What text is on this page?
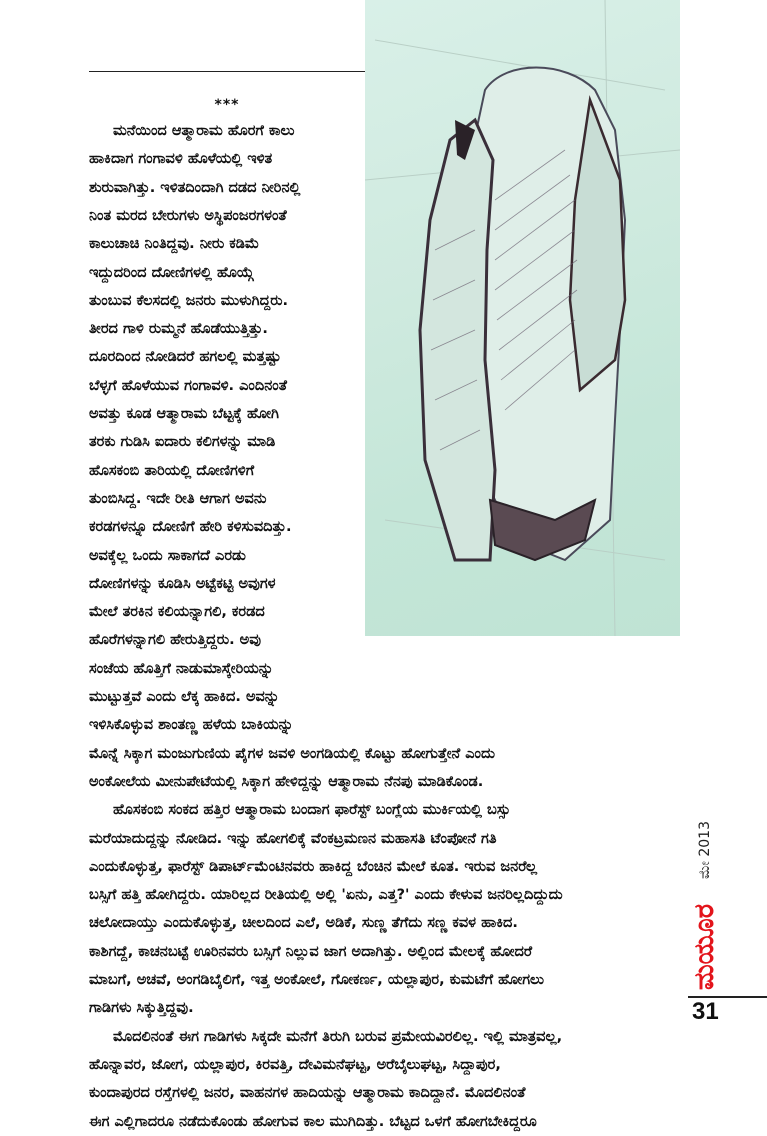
***
ಮನೆಯಿಂದ ಆತ್ಮಾರಾಮ ಹೊರಗೆ ಕಾಲು
ಹಾಕಿದಾಗ ಗಂಗಾವಳಿ ಹೊಳೆಯಲ್ಲಿ ಇಳಿತ
ಶುರುವಾಗಿತ್ತು. ಇಳಿತದಿಂದಾಗಿ ದಡದ ನೀರಿನಲ್ಲಿ
ನಿಂತ ಮರದ ಬೇರುಗಳು ಅಸ್ಥಿಪಂಜರಗಳಂತೆ
ಕಾಲುಚಾಚಿ ನಿಂತಿದ್ದವು. ನೀರು ಕಡಿಮೆ
ಇದ್ದುದರಿಂದ ದೋಣಿಗಳಲ್ಲಿ ಹೊಯ್ಗೆ
ತುಂಬುವ ಕೆಲಸದಲ್ಲಿ ಜನರು ಮುಳುಗಿದ್ದರು.
ತೀರದ ಗಾಳಿ ರುಮ್ಮನೆ ಹೊಡೆಯುತ್ತಿತ್ತು.
ದೂರದಿಂದ ನೋಡಿದರೆ ಹಗಲಲ್ಲಿ ಮತ್ತಷ್ಟು
ಬೆಳ್ಳಗೆ ಹೊಳೆಯುವ ಗಂಗಾವಳಿ. ಎಂದಿನಂತೆ
ಅವತ್ತು ಕೂಡ ಆತ್ಮಾರಾಮ ಬೆಟ್ಟಕ್ಕೆ ಹೋಗಿ
ತರಕು ಗುಡಿಸಿ ಐದಾರು ಕಲಿಗಳನ್ನು ಮಾಡಿ
ಹೊಸಕಂಬಿ ತಾರಿಯಲ್ಲಿ ದೋಣಿಗಳಿಗೆ
ತುಂಬಿಸಿದ್ದ. ಇದೇ ರೀತಿ ಆಗಾಗ ಅವನು
ಕರಡಗಳನ್ನೂ ದೋಣಿಗೆ ಹೇರಿ ಕಳಿಸುವದಿತ್ತು.
ಅವಕ್ಕೆಲ್ಲ ಒಂದು ಸಾಕಾಗದೆ ಎರಡು
ದೋಣಿಗಳನ್ನು ಕೂಡಿಸಿ ಅಟ್ಟೆಕಟ್ಟಿ ಅವುಗಳ
ಮೇಲೆ ತರಕಿನ ಕಲಿಯನ್ನಾಗಲಿ, ಕರಡದ
ಹೊರೆಗಳನ್ನಾಗಲಿ ಹೇರುತ್ತಿದ್ದರು. ಅವು
ಸಂಜೆಯ ಹೊತ್ತಿಗೆ ನಾಡುಮಾಸ್ಕೇರಿಯನ್ನು
ಮುಟ್ಟುತ್ತವೆ ಎಂದು ಲೆಕ್ಕ ಹಾಕಿದ. ಅವನ್ನು
ಇಳಿಸಿಕೊಳ್ಳುವ ಶಾಂತಣ್ಣ ಹಳೆಯ ಬಾಕಿಯನ್ನು
ಮೊನ್ನೆ ಸಿಕ್ಕಾಗ ಮಂಜುಗುಣಿಯ ಪೈಗಳ ಜವಳಿ ಅಂಗಡಿಯಲ್ಲಿ ಕೊಟ್ಟು ಹೋಗುತ್ತೇನೆ ಎಂದು
ಅಂಕೋಲೆಯ ಮೀನುಪೇಟೆಯಲ್ಲಿ ಸಿಕ್ಕಾಗ ಹೇಳಿದ್ದನ್ನು ಆತ್ಮಾರಾಮ ನೆನಪು ಮಾಡಿಕೊಂಡ.
ಹೊಸಕಂಬಿ ಸಂಕದ ಹತ್ತಿರ ಆತ್ಮಾರಾಮ ಬಂದಾಗ ಫಾರೆಸ್ಟ್ ಬಂಗ್ಲೆಯ ಮುರ್ಕಿಯಲ್ಲಿ ಬಸ್ಸು
ಮರೆಯಾದುದ್ದನ್ನು ನೋಡಿದ. ಇನ್ನು ಹೋಗಲಿಕ್ಕೆ ವೆಂಕಟ್ರಮಣನ ಮಹಾಸತಿ ಟೆಂಪೋನೆ ಗತಿ
ಎಂದುಕೊಳ್ಳುತ್ತ, ಫಾರೆಸ್ಟ್ ಡಿಪಾರ್ಟ್‌ಮೆಂಟಿನವರು ಹಾಕಿದ್ದ ಬೆಂಚಿನ ಮೇಲೆ ಕೂತ. ಇರುವ ಜನರೆಲ್ಲ
ಬಸ್ಸಿಗೆ ಹತ್ತಿ ಹೋಗಿದ್ದರು. ಯಾರಿಲ್ಲದ ರೀತಿಯಲ್ಲಿ ಅಲ್ಲಿ 'ಏನು, ಎತ್ತ?' ಎಂದು ಕೇಳುವ ಜನರಿಲ್ಲದಿದ್ದುದು
ಚಲೋದಾಯ್ತು ಎಂದುಕೊಳ್ಳುತ್ತ, ಚೀಲದಿಂದ ಎಲೆ, ಅಡಿಕೆ, ಸುಣ್ಣ ತೆಗೆದು ಸಣ್ಣ ಕವಳ ಹಾಕಿದ.
ಕಾಶಿಗದ್ದೆ, ಕಾಚನಬಟ್ಟೆ ಊರಿನವರು ಬಸ್ಸಿಗೆ ನಿಲ್ಲುವ ಜಾಗ ಅದಾಗಿತ್ತು. ಅಲ್ಲಿಂದ ಮೇಲಕ್ಕೆ ಹೋದರೆ
ಮಾಬಗೆ, ಅಚವೆ, ಅಂಗಡಿಬೈಲಿಗೆ, ಇತ್ತ ಅಂಕೋಲೆ, ಗೋಕರ್ಣ, ಯಲ್ಲಾಪುರ, ಕುಮಟೆಗೆ ಹೋಗಲು
ಗಾಡಿಗಳು ಸಿಕ್ಕುತ್ತಿದ್ದವು.
ಮೊದಲಿನಂತೆ ಈಗ ಗಾಡಿಗಳು ಸಿಕ್ಕದೇ ಮನೆಗೆ ತಿರುಗಿ ಬರುವ ಪ್ರಮೇಯವಿರಲಿಲ್ಲ. ಇಲ್ಲಿ ಮಾತ್ರವಲ್ಲ,
ಹೊನ್ನಾವರ, ಜೋಗ, ಯಲ್ಲಾಪುರ, ಕಿರವತ್ತಿ, ದೇವಿಮನೆಘಟ್ಟ, ಅರೆಬೈಲುಘಟ್ಟ, ಸಿದ್ದಾಪುರ,
ಕುಂದಾಪುರದ ರಸ್ತೆಗಳಲ್ಲಿ ಜನರ, ವಾಹನಗಳ ಹಾದಿಯನ್ನು ಆತ್ಮಾರಾಮ ಕಾದಿದ್ದಾನೆ. ಮೊದಲಿನಂತೆ
ಈಗ ಎಲ್ಲಿಗಾದರೂ ನಡೆದುಕೊಂಡು ಹೋಗುವ ಕಾಲ ಮುಗಿದಿತ್ತು. ಬೆಟ್ಟದ ಒಳಗೆ ಹೋಗಬೇಕಿದ್ದರೂ
ಮೇ 2013
ಮಯೂರ
31
